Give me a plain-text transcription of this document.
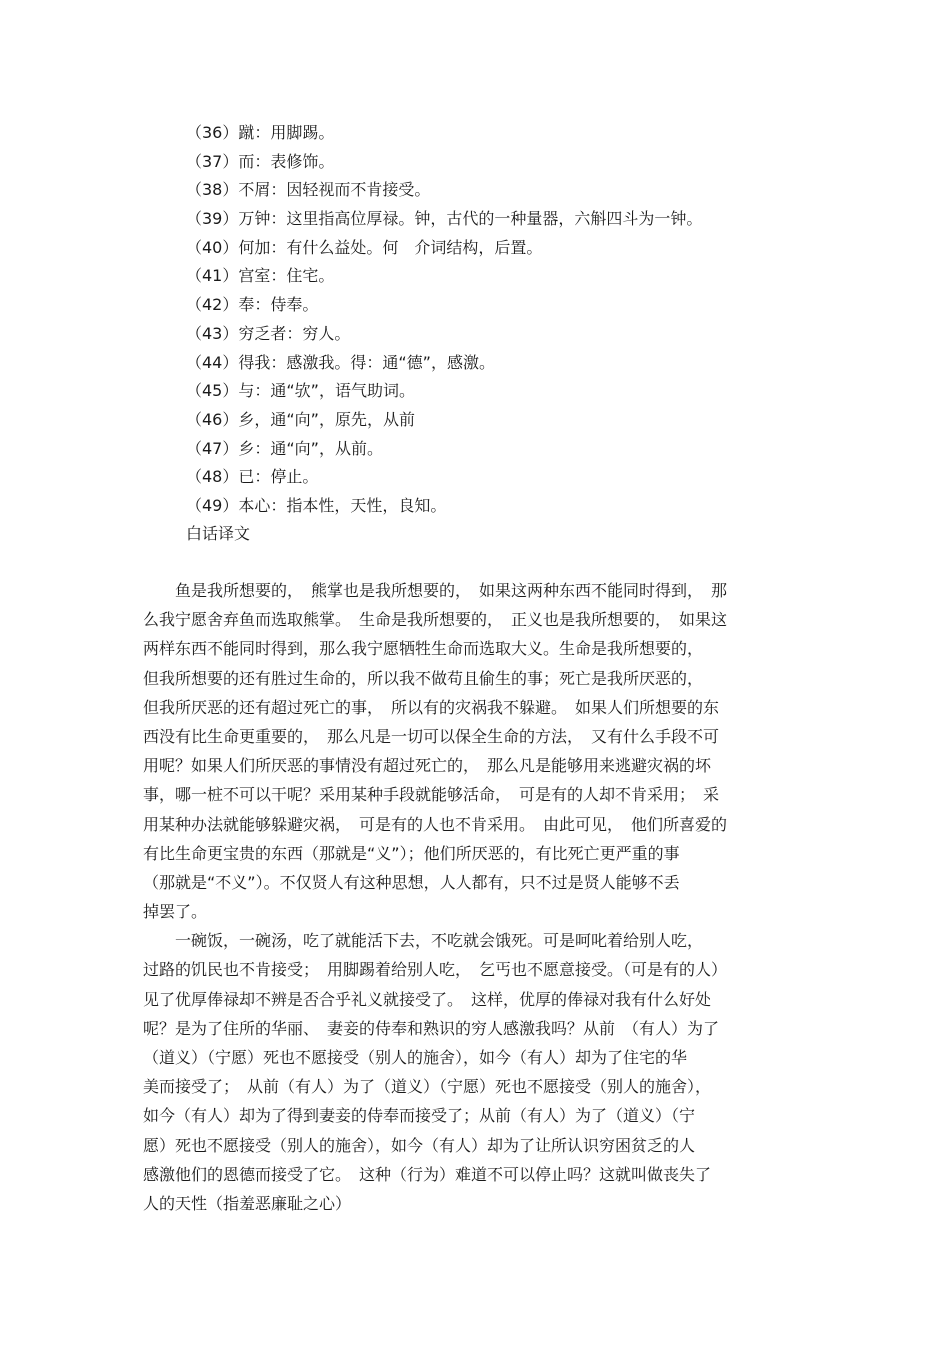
（36）蹴：用脚踢。
（37）而：表修饰。
（38）不屑：因轻视而不肯接受。
（39）万钟：这里指高位厚禄。钟，古代的一种量器，六斛四斗为一钟。
（40）何加：有什么益处。何　介词结构，后置。
（41）宫室：住宅。
（42）奉：侍奉。
（43）穷乏者：穷人。
（44）得我：感激我。得：通“德”，感激。
（45）与：通“欤”，语气助词。
（46）乡，通“向”，原先，从前
（47）乡：通“向”，从前。
（48）已：停止。
（49）本心：指本性，天性，良知。
白话译文
　　鱼是我所想要的，　熊掌也是我所想要的，　如果这两种东西不能同时得到，　那
么我宁愿舍弃鱼而选取熊掌。　生命是我所想要的，　正义也是我所想要的，　如果这
两样东西不能同时得到，那么我宁愿牺牲生命而选取大义。生命是我所想要的，
但我所想要的还有胜过生命的，所以我不做苟且偷生的事；死亡是我所厌恶的，
但我所厌恶的还有超过死亡的事，　所以有的灾祸我不躲避。　如果人们所想要的东
西没有比生命更重要的，　那么凡是一切可以保全生命的方法，　又有什么手段不可
用呢？如果人们所厌恶的事情没有超过死亡的，　那么凡是能够用来逃避灾祸的坏
事，哪一桩不可以干呢？采用某种手段就能够活命，　可是有的人却不肯采用；　采
用某种办法就能够躲避灾祸，　可是有的人也不肯采用。　由此可见，　他们所喜爱的
有比生命更宝贵的东西（那就是“义”）；他们所厌恶的，有比死亡更严重的事
（那就是“不义”）。不仅贤人有这种思想，人人都有，只不过是贤人能够不丢
掉罢了。
　　一碗饭，一碗汤，吃了就能活下去，不吃就会饿死。可是呵叱着给别人吃，
过路的饥民也不肯接受；　用脚踢着给别人吃，　乞丐也不愿意接受。（可是有的人）
见了优厚俸禄却不辨是否合乎礼义就接受了。　这样，优厚的俸禄对我有什么好处
呢？是为了住所的华丽、　妻妾的侍奉和熟识的穷人感激我吗？从前　（有人）为了
（道义）（宁愿）死也不愿接受（别人的施舍），如今（有人）却为了住宅的华
美而接受了；　从前（有人）为了（道义）（宁愿）死也不愿接受（别人的施舍），
如今（有人）却为了得到妻妾的侍奉而接受了；从前（有人）为了（道义）（宁
愿）死也不愿接受（别人的施舍），如今（有人）却为了让所认识穷困贫乏的人
感激他们的恩德而接受了它。　这种（行为）难道不可以停止吗？这就叫做丧失了
人的天性（指羞恶廉耻之心）
